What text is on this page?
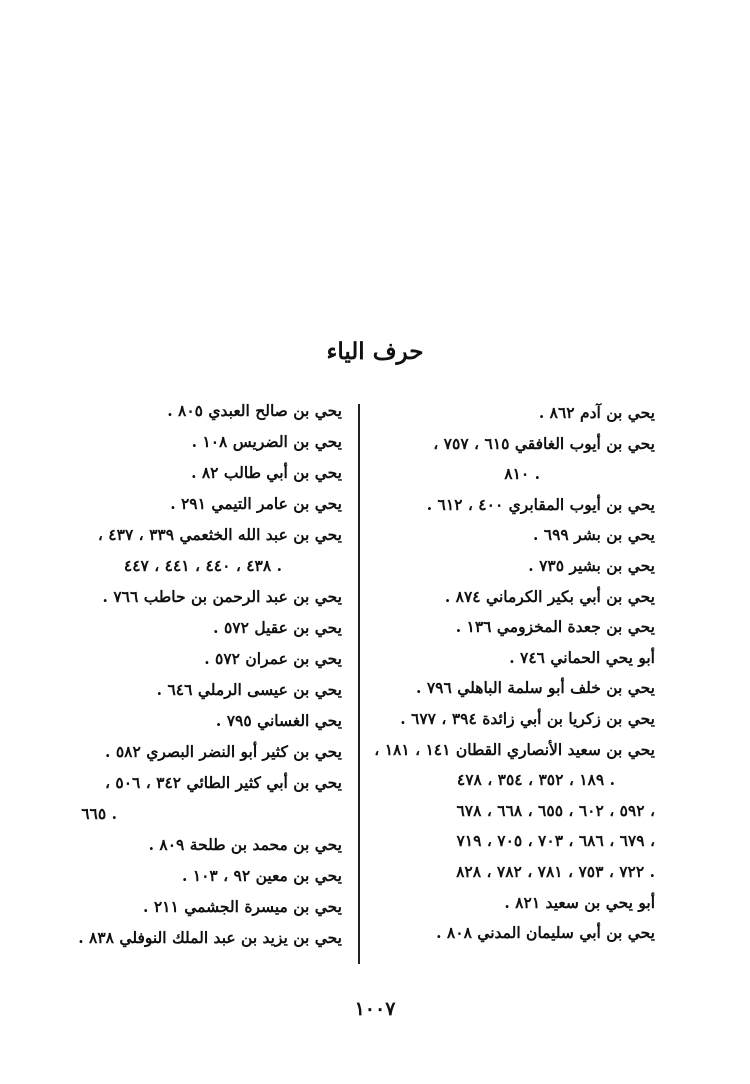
حرف الياء
يحي بن آدم ٨٦٢ .
يحي بن أيوب الغافقي ٦١٥ ، ٧٥٧ ،
٨١٠ .
يحي بن أيوب المقابري ٤٠٠ ، ٦١٢ .
يحي بن بشر ٦٩٩ .
يحي بن بشير ٧٣٥ .
يحي بن أبي بكير الكرماني ٨٧٤ .
يحي بن جعدة المخزومي ١٣٦ .
أبو يحي الحماني ٧٤٦ .
يحي بن خلف أبو سلمة الباهلي ٧٩٦ .
يحي بن زكريا بن أبي زائدة ٣٩٤ ، ٦٧٧ .
يحي بن سعيد الأنصاري القطان ١٤١ ، ١٨١ ،
١٨٩ ، ٣٥٢ ، ٣٥٤ ، ٤٧٨ .
٥٩٢ ، ٦٠٢ ، ٦٥٥ ، ٦٦٨ ، ٦٧٨ ،
٦٧٩ ، ٦٨٦ ، ٧٠٣ ، ٧٠٥ ، ٧١٩ ،
٧٢٢ ، ٧٥٣ ، ٧٨١ ، ٧٨٢ ، ٨٢٨ .
أبو يحي بن سعيد ٨٢١ .
يحي بن أبي سليمان المدني ٨٠٨ .
يحي بن صالح العبدي ٨٠٥ .
يحي بن الضريس ١٠٨ .
يحي بن أبي طالب ٨٢ .
يحي بن عامر التيمي ٢٩١ .
يحي بن عبد الله الخثعمي ٣٣٩ ، ٤٣٧ ،
٤٣٨ ، ٤٤٠ ، ٤٤١ ، ٤٤٧ .
يحي بن عبد الرحمن بن حاطب ٧٦٦ .
يحي بن عقيل ٥٧٢ .
يحي بن عمران ٥٧٢ .
يحي بن عيسى الرملي ٦٤٦ .
يحي الغساني ٧٩٥ .
يحي بن كثير أبو النضر البصري ٥٨٢ .
يحي بن أبي كثير الطائي ٣٤٢ ، ٥٠٦ ،
٦٦٥ .
يحي بن محمد بن طلحة ٨٠٩ .
يحي بن معين ٩٢ ، ١٠٣ .
يحي بن ميسرة الجشمي ٢١١ .
يحي بن يزيد بن عبد الملك النوفلي ٨٣٨ .
١٠٠٧
